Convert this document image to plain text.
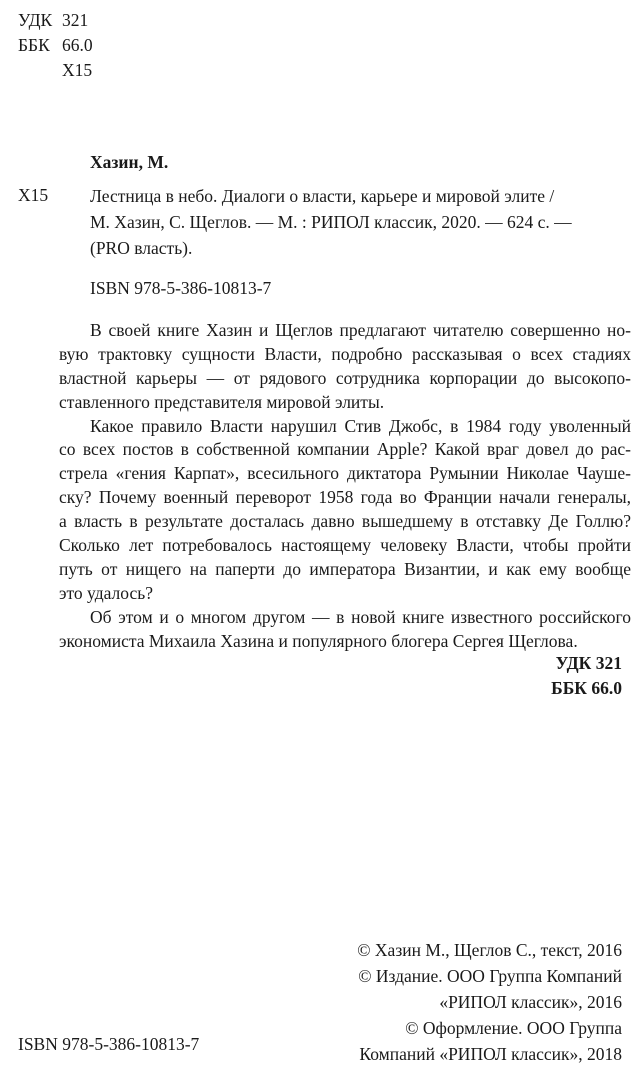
УДК 321
ББК 66.0
Х15
Хазин, М.
Х15 Лестница в небо. Диалоги о власти, карьере и мировой элите /
М. Хазин, С. Щеглов. — М. : РИПОЛ классик, 2020. — 624 с. —
(PRO власть).
ISBN 978-5-386-10813-7
В своей книге Хазин и Щеглов предлагают читателю совершенно но-
вую трактовку сущности Власти, подробно рассказывая о всех стадиях
властной карьеры — от рядового сотрудника корпорации до высокопо-
ставленного представителя мировой элиты.
Какое правило Власти нарушил Стив Джобс, в 1984 году уволенный
со всех постов в собственной компании Apple? Какой враг довел до рас-
стрела «гения Карпат», всесильного диктатора Румынии Николае Чауше-
ску? Почему военный переворот 1958 года во Франции начали генералы,
а власть в результате досталась давно вышедшему в отставку Де Голлю?
Сколько лет потребовалось настоящему человеку Власти, чтобы пройти
путь от нищего на паперти до императора Византии, и как ему вообще
это удалось?
Об этом и о многом другом — в новой книге известного российского
экономиста Михаила Хазина и популярного блогера Сергея Щеглова.
УДК 321
ББК 66.0
© Хазин М., Щеглов С., текст, 2016
© Издание. ООО Группа Компаний
«РИПОЛ классик», 2016
© Оформление. ООО Группа
Компаний «РИПОЛ классик», 2018
ISBN 978-5-386-10813-7
